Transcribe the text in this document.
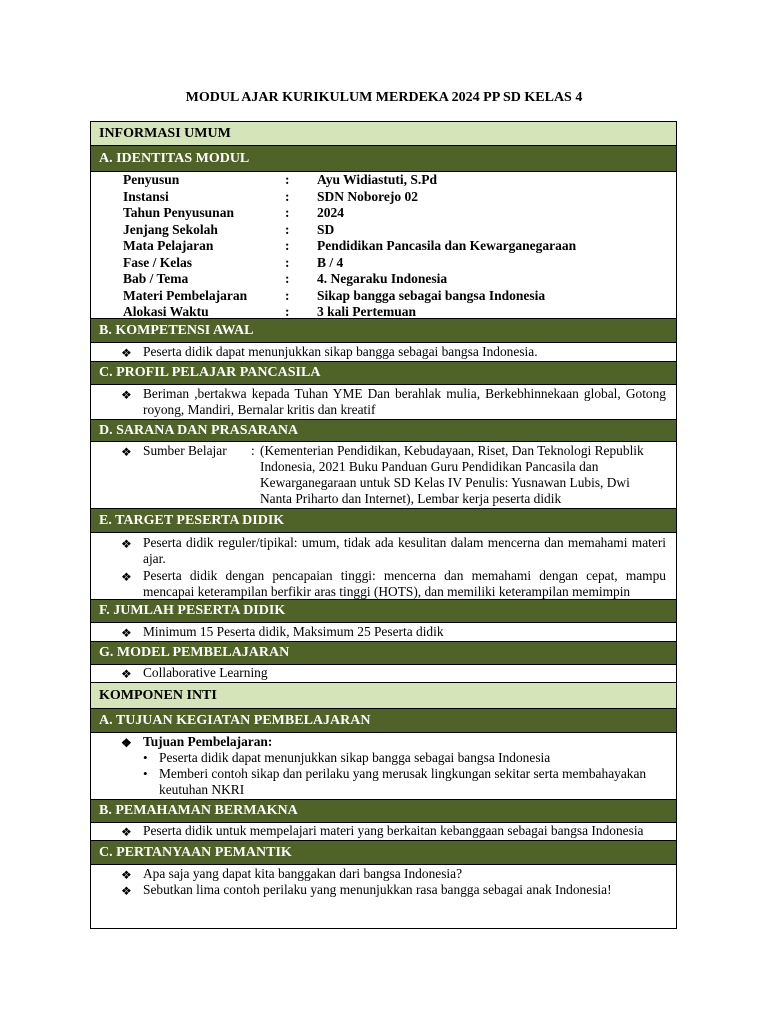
MODUL AJAR KURIKULUM MERDEKA 2024 PP SD KELAS 4
INFORMASI UMUM
A. IDENTITAS MODUL
Penyusun	: Ayu Widiastuti, S.Pd
Instansi	: SDN Noborejo 02
Tahun Penyusunan	: 2024
Jenjang Sekolah	: SD
Mata Pelajaran	: Pendidikan Pancasila dan Kewarganegaraan
Fase / Kelas	: B / 4
Bab / Tema	: 4. Negaraku Indonesia
Materi Pembelajaran	: Sikap bangga sebagai bangsa Indonesia
Alokasi Waktu	: 3 kali Pertemuan
B. KOMPETENSI AWAL
❖ Peserta didik dapat menunjukkan sikap bangga sebagai bangsa Indonesia.
C. PROFIL PELAJAR PANCASILA
❖ Beriman ,bertakwa kepada Tuhan YME Dan berahlak mulia, Berkebhinnekaan global, Gotong royong, Mandiri, Bernalar kritis dan kreatif
D. SARANA DAN PRASARANA
❖ Sumber Belajar : (Kementerian Pendidikan, Kebudayaan, Riset, Dan Teknologi Republik Indonesia, 2021 Buku Panduan Guru Pendidikan Pancasila dan Kewarganegaraan untuk SD Kelas IV Penulis: Yusnawan Lubis, Dwi Nanta Priharto dan Internet), Lembar kerja peserta didik
E. TARGET PESERTA DIDIK
❖ Peserta didik reguler/tipikal: umum, tidak ada kesulitan dalam mencerna dan memahami materi ajar.
❖ Peserta didik dengan pencapaian tinggi: mencerna dan memahami dengan cepat, mampu mencapai keterampilan berfikir aras tinggi (HOTS), dan memiliki keterampilan memimpin
F. JUMLAH PESERTA DIDIK
❖ Minimum 15 Peserta didik, Maksimum 25 Peserta didik
G. MODEL PEMBELAJARAN
❖ Collaborative Learning
KOMPONEN INTI
A. TUJUAN KEGIATAN PEMBELAJARAN
❖ Tujuan Pembelajaran:
• Peserta didik dapat menunjukkan sikap bangga sebagai bangsa Indonesia
• Memberi contoh sikap dan perilaku yang merusak lingkungan sekitar serta membahayakan keutuhan NKRI
B. PEMAHAMAN BERMAKNA
❖ Peserta didik untuk mempelajari materi yang berkaitan kebanggaan sebagai bangsa Indonesia
C. PERTANYAAN PEMANTIK
❖ Apa saja yang dapat kita banggakan dari bangsa Indonesia?
❖ Sebutkan lima contoh perilaku yang menunjukkan rasa bangga sebagai anak Indonesia!
